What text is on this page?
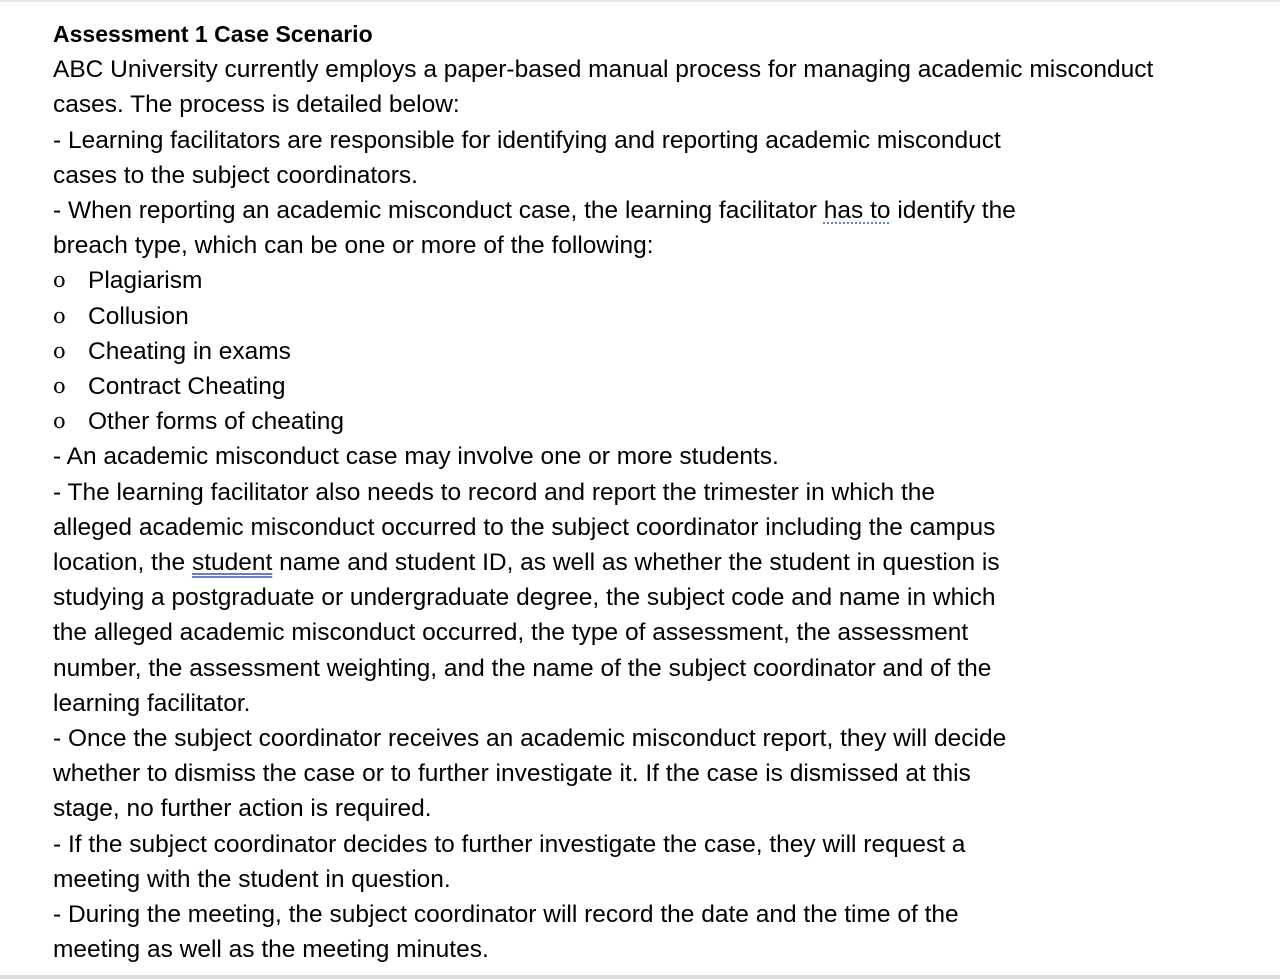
Assessment 1 Case Scenario
ABC University currently employs a paper-based manual process for managing academic misconduct
cases. The process is detailed below:
- Learning facilitators are responsible for identifying and reporting academic misconduct
cases to the subject coordinators.
- When reporting an academic misconduct case, the learning facilitator has to identify the
breach type, which can be one or more of the following:
o Plagiarism
o Collusion
o Cheating in exams
o Contract Cheating
o Other forms of cheating
- An academic misconduct case may involve one or more students.
- The learning facilitator also needs to record and report the trimester in which the
alleged academic misconduct occurred to the subject coordinator including the campus
location, the student name and student ID, as well as whether the student in question is
studying a postgraduate or undergraduate degree, the subject code and name in which
the alleged academic misconduct occurred, the type of assessment, the assessment
number, the assessment weighting, and the name of the subject coordinator and of the
learning facilitator.
- Once the subject coordinator receives an academic misconduct report, they will decide
whether to dismiss the case or to further investigate it. If the case is dismissed at this
stage, no further action is required.
- If the subject coordinator decides to further investigate the case, they will request a
meeting with the student in question.
- During the meeting, the subject coordinator will record the date and the time of the
meeting as well as the meeting minutes.
